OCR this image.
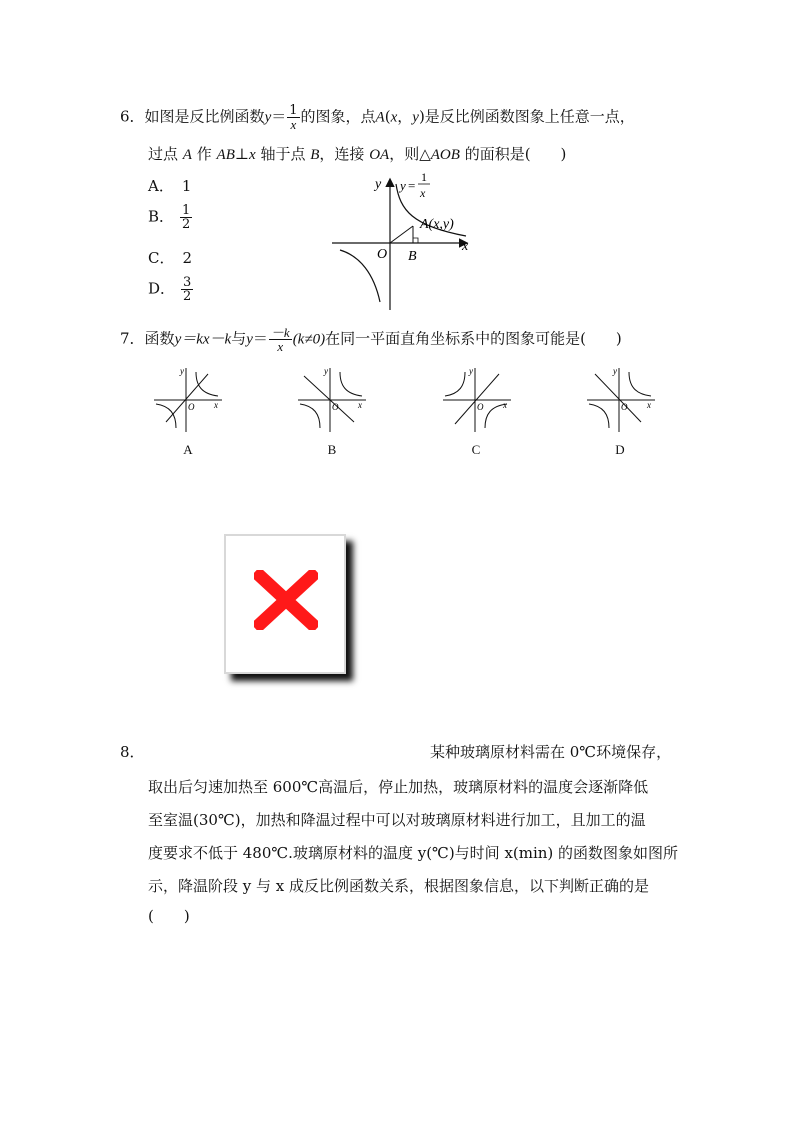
6．如图是反比例函数$y= \frac{1}{x}$ 的图象，点A(x，y)是反比例函数图象上任意一点，
过点 A 作 AB⊥x 轴于点 B，连接 OA，则△AOB 的面积是(　　)
A． 1
B． $\frac{1}{2}$
C． 2
D． $\frac{3}{2}$
y
x
O B
A(x,y)
y =
1
x
7．函数y＝kx－k与$y= \frac{-k}{x} (k\ne 0)$在同一平面直角坐标系中的图象可能是(　　)
y
O x
A
y
O x
B
y
O x
C
y
O x
D
8．	某种玻璃原材料需在 0℃环境保存，
取出后匀速加热至 600℃高温后，停止加热，玻璃原材料的温度会逐渐降低
至室温(30℃)，加热和降温过程中可以对玻璃原材料进行加工，且加工的温
度要求不低于 480℃.玻璃原材料的温度 y(℃)与时间 x(min) 的函数图象如图所
示，降温阶段 y 与 x 成反比例函数关系，根据图象信息，以下判断正确的是
(　　)
